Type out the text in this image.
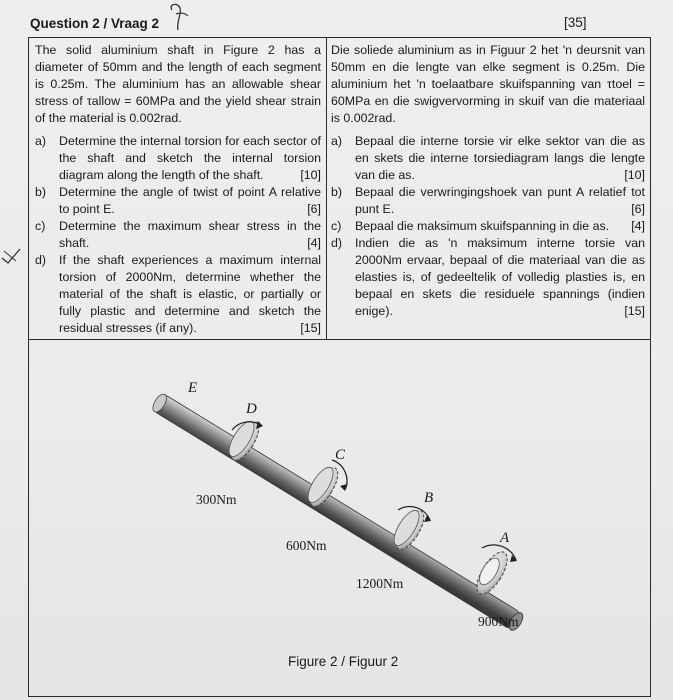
Question 2 / Vraag 2	[35]

The solid aluminium shaft in Figure 2 has a diameter of 50mm and the length of each segment is 0.25m. The aluminium has an allowable shear stress of τallow = 60MPa and the yield shear strain of the material is 0.002rad.

a)	Determine the internal torsion for each sector of the shaft and sketch the internal torsion diagram along the length of the shaft.	[10]
b)	Determine the angle of twist of point A relative to point E.	[6]
c)	Determine the maximum shear stress in the shaft.	[4]
d)	If the shaft experiences a maximum internal torsion of 2000Nm, determine whether the material of the shaft is elastic, or partially or fully plastic and determine and sketch the residual stresses (if any).	[15]

Die soliede aluminium as in Figuur 2 het 'n deursnit van 50mm en die lengte van elke segment is 0.25m. Die aluminium het 'n toelaatbare skuifspanning van τtoel = 60MPa en die swigvervorming in skuif van die materiaal is 0.002rad.

a)	Bepaal die interne torsie vir elke sektor van die as en skets die interne torsiediagram langs die lengte van die as.	[10]
b)	Bepaal die verwringingshoek van punt A relatief tot punt E.	[6]
c)	Bepaal die maksimum skuifspanning in die as. [4]
d)	Indien die as 'n maksimum interne torsie van 2000Nm ervaar, bepaal of die materiaal van die as elasties is, of gedeeltelik of volledig plasties is, en bepaal en skets die residuele spannings (indien enige).	[15]
E
D
C
B
A
300Nm
600Nm
1200Nm
900Nm
Figure 2 / Figuur 2
